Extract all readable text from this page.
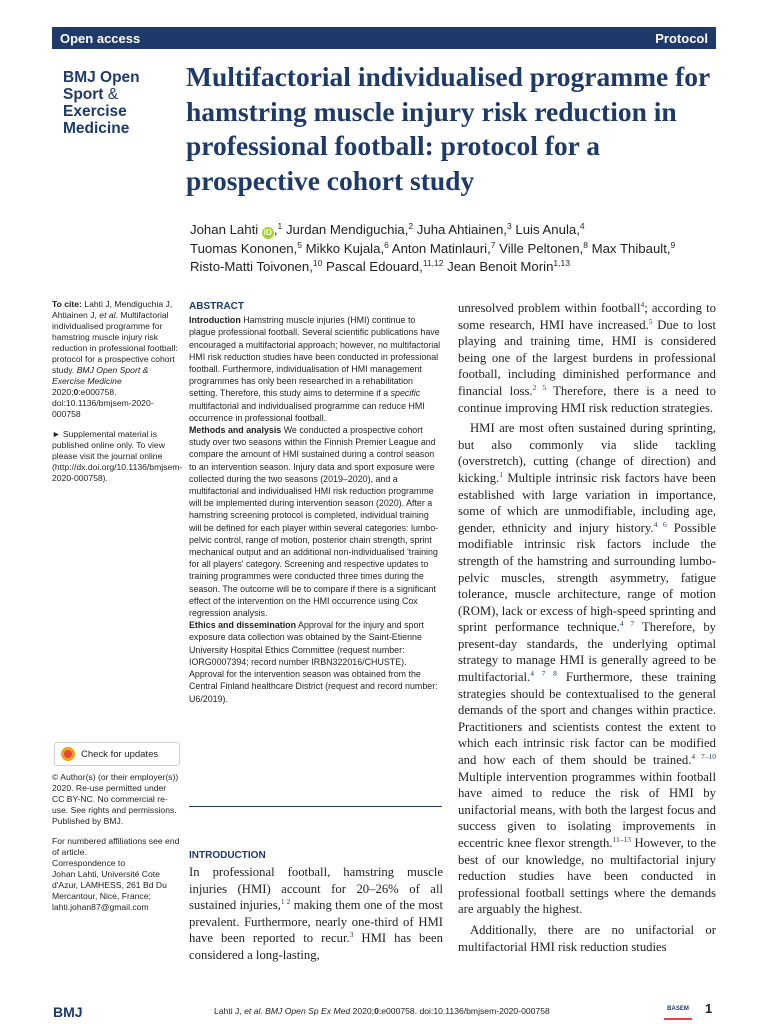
Open access	Protocol
BMJ Open
Sport &
Exercise
Medicine
Multifactorial individualised programme for hamstring muscle injury risk reduction in professional football: protocol for a prospective cohort study
Johan Lahti iD ,$^1$ Jurdan Mendiguchia,$^2$ Juha Ahtiainen,$^3$ Luis Anula,$^4$
Tuomas Kononen,$^5$ Mikko Kujala,$^6$ Anton Matinlauri,$^7$ Ville Peltonen,$^8$ Max Thibault,$^9$
Risto-Matti Toivonen,$^{10}$ Pascal Edouard,$^{11,12}$ Jean Benoit Morin$^{1,13}$
To cite: Lahti J, Mendiguchia J, Ahtiainen J, et al. Multifactorial individualised programme for hamstring muscle injury risk reduction in professional football: protocol for a prospective cohort study. BMJ Open Sport & Exercise Medicine 2020;0:e000758. doi:10.1136/bmjsem-2020-000758
► Supplemental material is published online only. To view please visit the journal online (http://dx.doi.org/10.1136/bmjsem-2020-000758).
Check for updates
© Author(s) (or their employer(s)) 2020. Re-use permitted under CC BY-NC. No commercial re-use. See rights and permissions. Published by BMJ.
For numbered affiliations see end of article.
Correspondence to
Johan Lahti, Université Cote d'Azur, LAMHESS, 261 Bd Du Mercantour, Nice, France; lahti.johan87@gmail.com
ABSTRACT

Introduction Hamstring muscle injuries (HMI) continue to plague professional football. Several scientific publications have encouraged a multifactorial approach; however, no multifactorial HMI risk reduction studies have been conducted in professional football. Furthermore, individualisation of HMI management programmes has only been researched in a rehabilitation setting. Therefore, this study aims to determine if a specific multifactorial and individualised programme can reduce HMI occurrence in professional football.

Methods and analysis We conducted a prospective cohort study over two seasons within the Finnish Premier League and compare the amount of HMI sustained during a control season to an intervention season. Injury data and sport exposure were collected during the two seasons (2019–2020), and a multifactorial and individualised HMI risk reduction programme will be implemented during intervention season (2020). After a hamstring screening protocol is completed, individual training will be defined for each player within several categories: lumbo-pelvic control, range of motion, posterior chain strength, sprint mechanical output and an additional non-individualised 'training for all players' category. Screening and respective updates to training programmes were conducted three times during the season. The outcome will be to compare if there is a significant effect of the intervention on the HMI occurrence using Cox regression analysis.

Ethics and dissemination Approval for the injury and sport exposure data collection was obtained by the Saint-Etienne University Hospital Ethics Committee (request number: IORG0007394; record number IRBN322016/CHUSTE). Approval for the intervention season was obtained from the Central Finland healthcare District (request and record number: U6/2019).

INTRODUCTION

In professional football, hamstring muscle injuries (HMI) account for 20–26% of all sustained injuries,$^{1 2}$ making them one of the most prevalent. Furthermore, nearly one-third of HMI have been reported to recur.$^3$ HMI has been considered a long-lasting,

unresolved problem within football$^4$; according to some research, HMI have increased.$^5$ Due to lost playing and training time, HMI is considered being one of the largest burdens in professional football, including diminished performance and financial loss.$^{2 5}$ Therefore, there is a need to continue improving HMI risk reduction strategies.

HMI are most often sustained during sprinting, but also commonly via slide tackling (overstretch), cutting (change of direction) and kicking.$^1$ Multiple intrinsic risk factors have been established with large variation in importance, some of which are unmodifiable, including age, gender, ethnicity and injury history.$^{4 6}$ Possible modifiable intrinsic risk factors include the strength of the hamstring and surrounding lumbo-pelvic muscles, strength asymmetry, fatigue tolerance, muscle architecture, range of motion (ROM), lack or excess of high-speed sprinting and sprint performance technique.$^{4 7}$ Therefore, by present-day standards, the underlying optimal strategy to manage HMI is generally agreed to be multifactorial.$^{4 7 8}$ Furthermore, these training strategies should be contextualised to the general demands of the sport and changes within practice. Practitioners and scientists contest the extent to which each intrinsic risk factor can be modified and how each of them should be trained.$^{4 7-10}$ Multiple intervention programmes within football have aimed to reduce the risk of HMI by unifactorial means, with both the largest focus and success given to isolating improvements in eccentric knee flexor strength.$^{11-13}$ However, to the best of our knowledge, no multifactorial injury reduction studies have been conducted in professional football settings where the demands are arguably the highest.

Additionally, there are no unifactorial or multifactorial HMI risk reduction studies

BMJ	Lahti J, et al. BMJ Open Sp Ex Med 2020;0:e000758. doi:10.1136/bmjsem-2020-000758	BASEM 1
